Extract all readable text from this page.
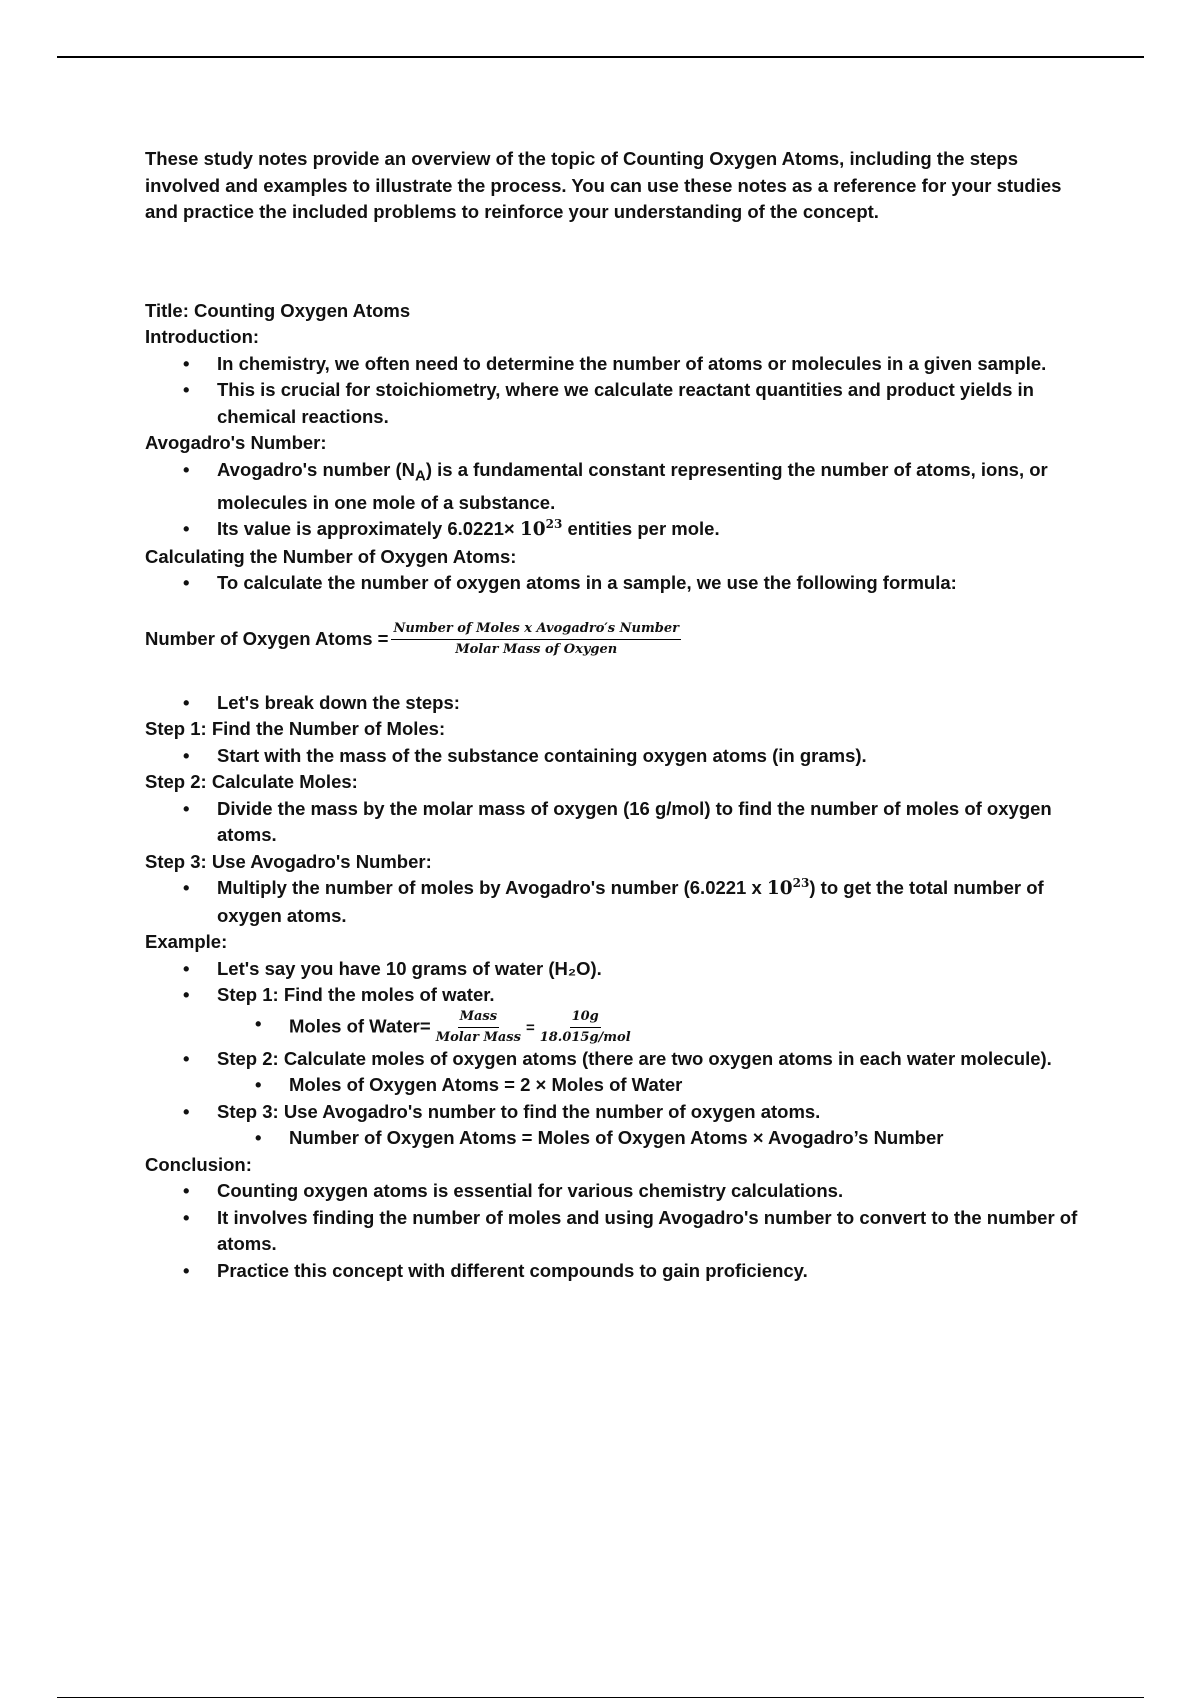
These study notes provide an overview of the topic of Counting Oxygen Atoms, including the steps involved and examples to illustrate the process. You can use these notes as a reference for your studies and practice the included problems to reinforce your understanding of the concept.

Title: Counting Oxygen Atoms

Introduction:

• In chemistry, we often need to determine the number of atoms or molecules in a given sample.
• This is crucial for stoichiometry, where we calculate reactant quantities and product yields in chemical reactions.

Avogadro's Number:

• Avogadro's number $(N_A)$ is a fundamental constant representing the number of atoms, ions, or molecules in one mole of a substance.
• Its value is approximately $6.0221\times 10^{23}$ entities per mole.

Calculating the Number of Oxygen Atoms:

• To calculate the number of oxygen atoms in a sample, we use the following formula:
Number of Oxygen Atoms = $\frac{\text{Number of Moles x Avogadro′s Number}}{\text{Molar Mass of Oxygen}}$
• Let's break down the steps:

Step 1: Find the Number of Moles:

• Start with the mass of the substance containing oxygen atoms (in grams).

Step 2: Calculate Moles:

• Divide the mass by the molar mass of oxygen (16 g/mol) to find the number of moles of oxygen atoms.

Step 3: Use Avogadro's Number:

• Multiply the number of moles by Avogadro's number (6.0221 x $10^{23}$) to get the total number of oxygen atoms.

Example:

• Let's say you have 10 grams of water (H₂O).
• Step 1: Find the moles of water.
• Moles of Water= $\frac{\text{Mass}}{\text{Molar Mass}} = \frac{10g}{\text{18.015g/mol}}$
• Step 2: Calculate moles of oxygen atoms (there are two oxygen atoms in each water molecule).
• Moles of Oxygen Atoms = 2 × Moles of Water
• Step 3: Use Avogadro's number to find the number of oxygen atoms.
• Number of Oxygen Atoms = Moles of Oxygen Atoms × Avogadro’s Number

Conclusion:

• Counting oxygen atoms is essential for various chemistry calculations.
• It involves finding the number of moles and using Avogadro's number to convert to the number of atoms.
• Practice this concept with different compounds to gain proficiency.
